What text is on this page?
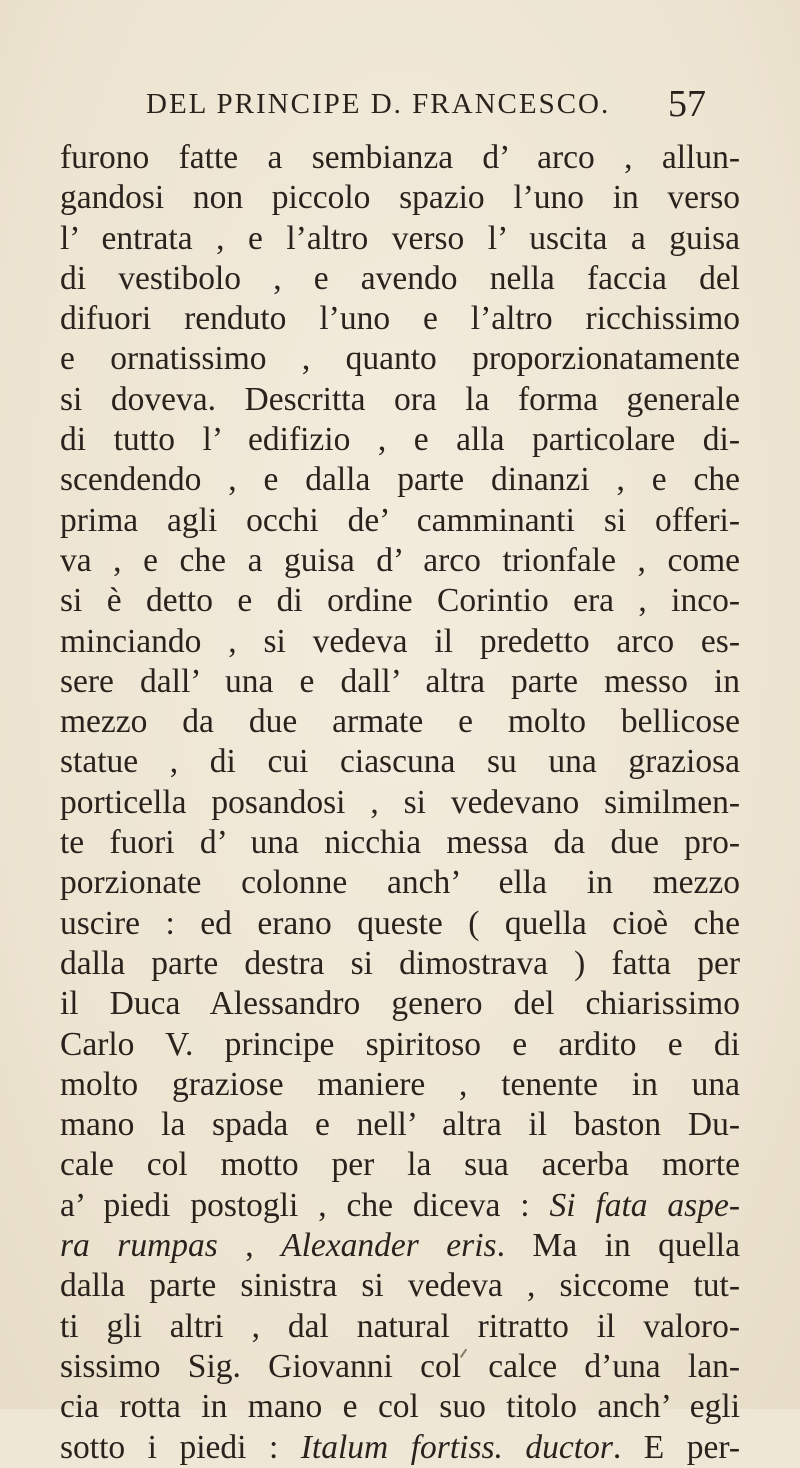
DEL PRINCIPE D. FRANCESCO. 57
furono fatte a sembianza d’ arco , allun-
gandosi non piccolo spazio l’uno in verso
l’ entrata , e l’altro verso l’ uscita a guisa
di vestibolo , e avendo nella faccia del
difuori renduto l’uno e l’altro ricchissimo
e ornatissimo , quanto proporzionatamente
si doveva. Descritta ora la forma generale
di tutto l’ edifizio , e alla particolare di-
scendendo , e dalla parte dinanzi , e che
prima agli occhi de’ camminanti si offeri-
va , e che a guisa d’ arco trionfale , come
si è detto e di ordine Corintio era , inco-
minciando , si vedeva il predetto arco es-
sere dall’ una e dall’ altra parte messo in
mezzo da due armate e molto bellicose
statue , di cui ciascuna su una graziosa
porticella posandosi , si vedevano similmen-
te fuori d’ una nicchia messa da due pro-
porzionate colonne anch’ ella in mezzo
uscire : ed erano queste ( quella cioè che
dalla parte destra si dimostrava ) fatta per
il Duca Alessandro genero del chiarissimo
Carlo V. principe spiritoso e ardito e di
molto graziose maniere , tenente in una
mano la spada e nell’ altra il baston Du-
cale col motto per la sua acerba morte
a’ piedi postogli , che diceva : Si fata aspe-
ra rumpas , Alexander eris. Ma in quella
dalla parte sinistra si vedeva , siccome tut-
ti gli altri , dal natural ritratto il valoro-
sissimo Sig. Giovanni col calce d’una lan-
cia rotta in mano e col suo titolo anch’ egli
sotto i piedi : Italum fortiss. ductor. E per-
